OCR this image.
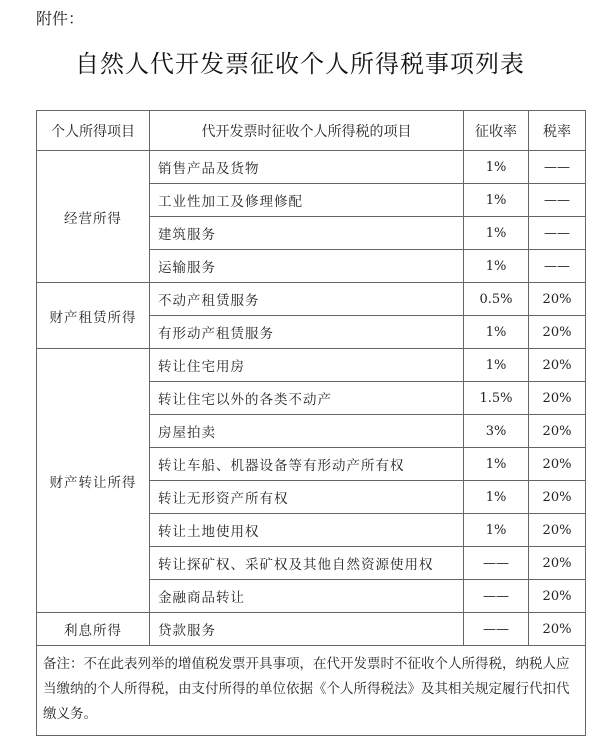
附件：
自然人代开发票征收个人所得税事项列表
个人所得项目	代开发票时征收个人所得税的项目	征收率	税率
经营所得	销售产品及货物	1%	——
	工业性加工及修理修配	1%	——
	建筑服务	1%	——
	运输服务	1%	——
财产租赁所得	不动产租赁服务	0.5%	20%
	有形动产租赁服务	1%	20%
财产转让所得	转让住宅用房	1%	20%
	转让住宅以外的各类不动产	1.5%	20%
	房屋拍卖	3%	20%
	转让车船、机器设备等有形动产所有权	1%	20%
	转让无形资产所有权	1%	20%
	转让土地使用权	1%	20%
	转让探矿权、采矿权及其他自然资源使用权	——	20%
	金融商品转让	——	20%
利息所得	贷款服务	——	20%
备注：不在此表列举的增值税发票开具事项，在代开发票时不征收个人所得税，纳税人应当缴纳的个人所得税，由支付所得的单位依据《个人所得税法》及其相关规定履行代扣代缴义务。			
